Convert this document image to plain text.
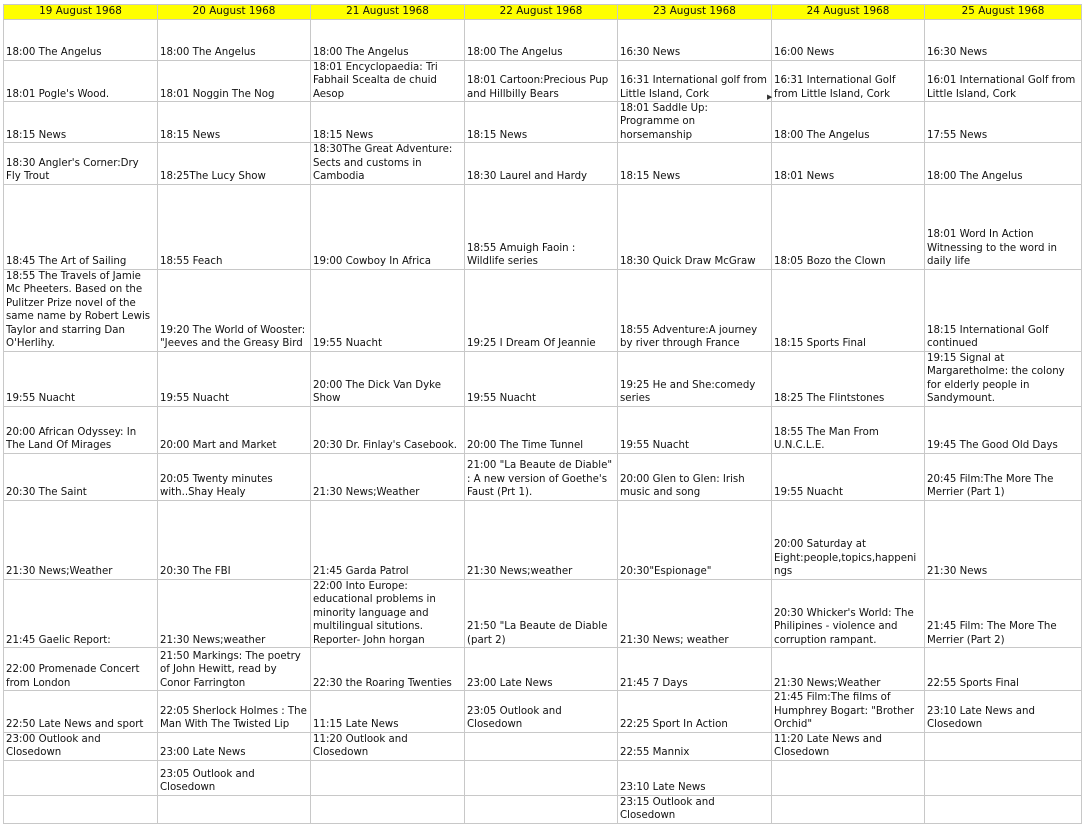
19 August 1968	20 August 1968	21 August 1968	22 August 1968	23 August 1968	24 August 1968	25 August 1968

18:00 The Angelus	18:00 The Angelus	18:00 The Angelus	18:00 The Angelus	16:30 News	16:00 News	16:30 News

18:01 Pogle's Wood.	18:01 Noggin The Nog	18:01 Encyclopaedia: Tri Fabhail Scealta de chuid Aesop	18:01 Cartoon:Precious Pup and Hillbilly Bears	16:31 International golf from Little Island, Cork	16:31 International Golf from Little Island, Cork	16:01 International Golf from Little Island, Cork

18:15 News	18:15 News	18:15 News	18:15 News	18:01 Saddle Up: Programme on horsemanship	18:00 The Angelus	17:55 News

18:30 Angler's Corner:Dry Fly Trout	18:25The Lucy Show	18:30The Great Adventure: Sects and customs in Cambodia	18:30 Laurel and Hardy	18:15 News	18:01 News	18:00 The Angelus

18:45 The Art of Sailing	18:55 Feach	19:00 Cowboy In Africa	18:55 Amuigh Faoin : Wildlife series	18:30 Quick Draw McGraw	18:05 Bozo the Clown	18:01 Word In Action Witnessing to the word in daily life

18:55 The Travels of Jamie Mc Pheeters. Based on the Pulitzer Prize novel of the same name by Robert Lewis Taylor and starring Dan O'Herlihy.	19:20 The World of Wooster: "Jeeves and the Greasy Bird	19:55 Nuacht	19:25 I Dream Of Jeannie	18:55 Adventure:A journey by river through France	18:15 Sports Final	18:15 International Golf continued

19:55 Nuacht	19:55 Nuacht	20:00 The Dick Van Dyke Show	19:55 Nuacht	19:25 He and She:comedy series	18:25 The Flintstones	19:15 Signal at Margaretholme: the colony for elderly people in Sandymount.

20:00 African Odyssey: In The Land Of Mirages	20:00 Mart and Market	20:30 Dr. Finlay's Casebook.	20:00 The Time Tunnel	19:55 Nuacht	18:55 The Man From U.N.C.L.E.	19:45 The Good Old Days

20:30 The Saint	20:05 Twenty minutes with..Shay Healy	21:30 News;Weather	21:00 "La Beaute de Diable" : A new version of Goethe's Faust (Prt 1).	20:00 Glen to Glen: Irish music and song	19:55 Nuacht	20:45 Film:The More The Merrier (Part 1)

21:30 News;Weather	20:30 The FBI	21:45 Garda Patrol	21:30 News;weather	20:30"Espionage"	20:00 Saturday at Eight:people,topics,happenings	21:30 News

21:45 Gaelic Report:	21:30 News;weather	22:00 Into Europe: educational problems in minority language and multilingual situtions. Reporter- John horgan	21:50 "La Beaute de Diable (part 2)	21:30 News; weather	20:30 Whicker's World: The Philipines - violence and corruption rampant.	21:45 Film: The More The Merrier (Part 2)

22:00 Promenade Concert from London	21:50 Markings: The poetry of John Hewitt, read by Conor Farrington	22:30 the Roaring Twenties	23:00 Late News	21:45 7 Days	21:30 News;Weather	22:55 Sports Final

22:50 Late News and sport	22:05 Sherlock Holmes : The Man With The Twisted Lip	11:15 Late News	23:05 Outlook and Closedown	22:25 Sport In Action	21:45 Film:The films of Humphrey Bogart: "Brother Orchid"	23:10 Late News and Closedown

23:00 Outlook and Closedown	23:00 Late News	11:20 Outlook and Closedown		22:55 Mannix	11:20 Late News and Closedown	

	23:05 Outlook and Closedown			23:10 Late News		

				23:15 Outlook and Closedown		

▶
